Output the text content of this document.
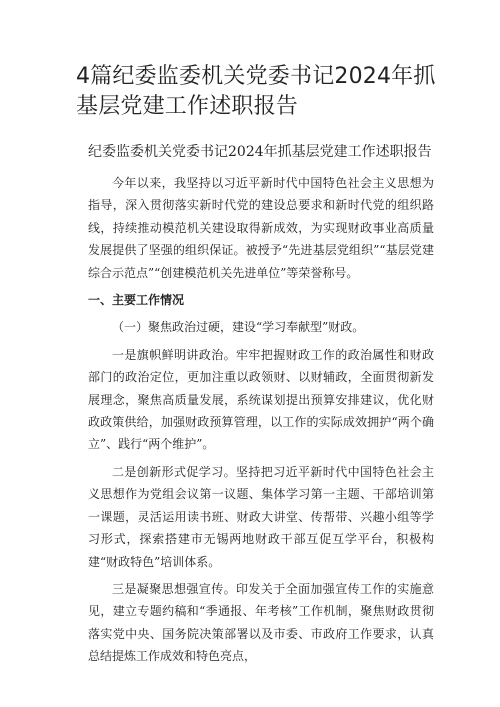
4篇纪委监委机关党委书记2024年抓基层党建工作述职报告
纪委监委机关党委书记2024年抓基层党建工作述职报告

今年以来，我坚持以习近平新时代中国特色社会主义思想为指导，深入贯彻落实新时代党的建设总要求和新时代党的组织路线，持续推动模范机关建设取得新成效，为实现财政事业高质量发展提供了坚强的组织保证。被授予“先进基层党组织”“基层党建综合示范点”“创建模范机关先进单位”等荣誉称号。

一、主要工作情况

（一）聚焦政治过硬，建设“学习奉献型”财政。

一是旗帜鲜明讲政治。牢牢把握财政工作的政治属性和财政部门的政治定位，更加注重以政领财、以财辅政，全面贯彻新发展理念，聚焦高质量发展，系统谋划提出预算安排建议，优化财政政策供给，加强财政预算管理，以工作的实际成效拥护“两个确立”、践行“两个维护”。

二是创新形式促学习。坚持把习近平新时代中国特色社会主义思想作为党组会议第一议题、集体学习第一主题、干部培训第一课题，灵活运用读书班、财政大讲堂、传帮带、兴趣小组等学习形式，探索搭建市无锡两地财政干部互促互学平台，积极构建“财政特色”培训体系。

三是凝聚思想强宣传。印发关于全面加强宣传工作的实施意见，建立专题约稿和“季通报、年考核”工作机制，聚焦财政贯彻落实党中央、国务院决策部署以及市委、市政府工作要求，认真总结提炼工作成效和特色亮点，
